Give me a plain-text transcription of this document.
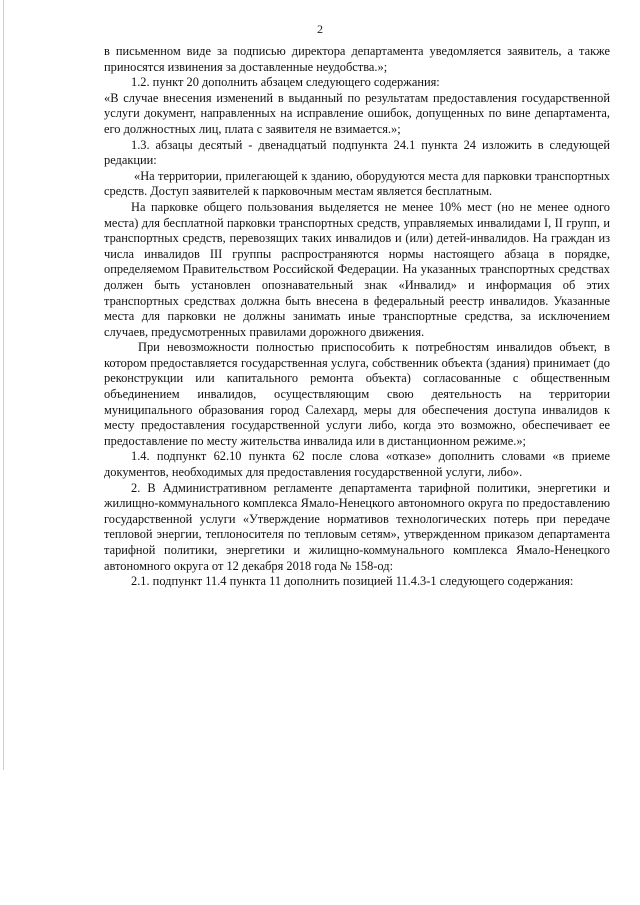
2

в письменном виде за подписью директора департамента уведомляется заявитель, а также приносятся извинения за доставленные неудобства.»;

1.2. пункт 20 дополнить абзацем следующего содержания:

«В случае внесения изменений в выданный по результатам предоставления государственной услуги документ, направленных на исправление ошибок, допущенных по вине департамента, его должностных лиц, плата с заявителя не взимается.»;

1.3. абзацы десятый - двенадцатый подпункта 24.1 пункта 24 изложить в следующей редакции:

«На территории, прилегающей к зданию, оборудуются места для парковки транспортных средств. Доступ заявителей к парковочным местам является бесплатным.

На парковке общего пользования выделяется не менее 10% мест (но не менее одного места) для бесплатной парковки транспортных средств, управляемых инвалидами I, II групп, и транспортных средств, перевозящих таких инвалидов и (или) детей-инвалидов. На граждан из числа инвалидов III группы распространяются нормы настоящего абзаца в порядке, определяемом Правительством Российской Федерации. На указанных транспортных средствах должен быть установлен опознавательный знак «Инвалид» и информация об этих транспортных средствах должна быть внесена в федеральный реестр инвалидов. Указанные места для парковки не должны занимать иные транспортные средства, за исключением случаев, предусмотренных правилами дорожного движения.

При невозможности полностью приспособить к потребностям инвалидов объект, в котором предоставляется государственная услуга, собственник объекта (здания) принимает (до реконструкции или капитального ремонта объекта) согласованные с общественным объединением инвалидов, осуществляющим свою деятельность на территории муниципального образования город Салехард, меры для обеспечения доступа инвалидов к месту предоставления государственной услуги либо, когда это возможно, обеспечивает ее предоставление по месту жительства инвалида или в дистанционном режиме.»;

1.4. подпункт 62.10 пункта 62 после слова «отказе» дополнить словами «в приеме документов, необходимых для предоставления государственной услуги, либо».

2. В Административном регламенте департамента тарифной политики, энергетики и жилищно-коммунального комплекса Ямало-Ненецкого автономного округа по предоставлению государственной услуги «Утверждение нормативов технологических потерь при передаче тепловой энергии, теплоносителя по тепловым сетям», утвержденном приказом департамента тарифной политики, энергетики и жилищно-коммунального комплекса Ямало-Ненецкого автономного округа от 12 декабря 2018 года № 158-од:

2.1. подпункт 11.4 пункта 11 дополнить позицией 11.4.3-1 следующего содержания:
